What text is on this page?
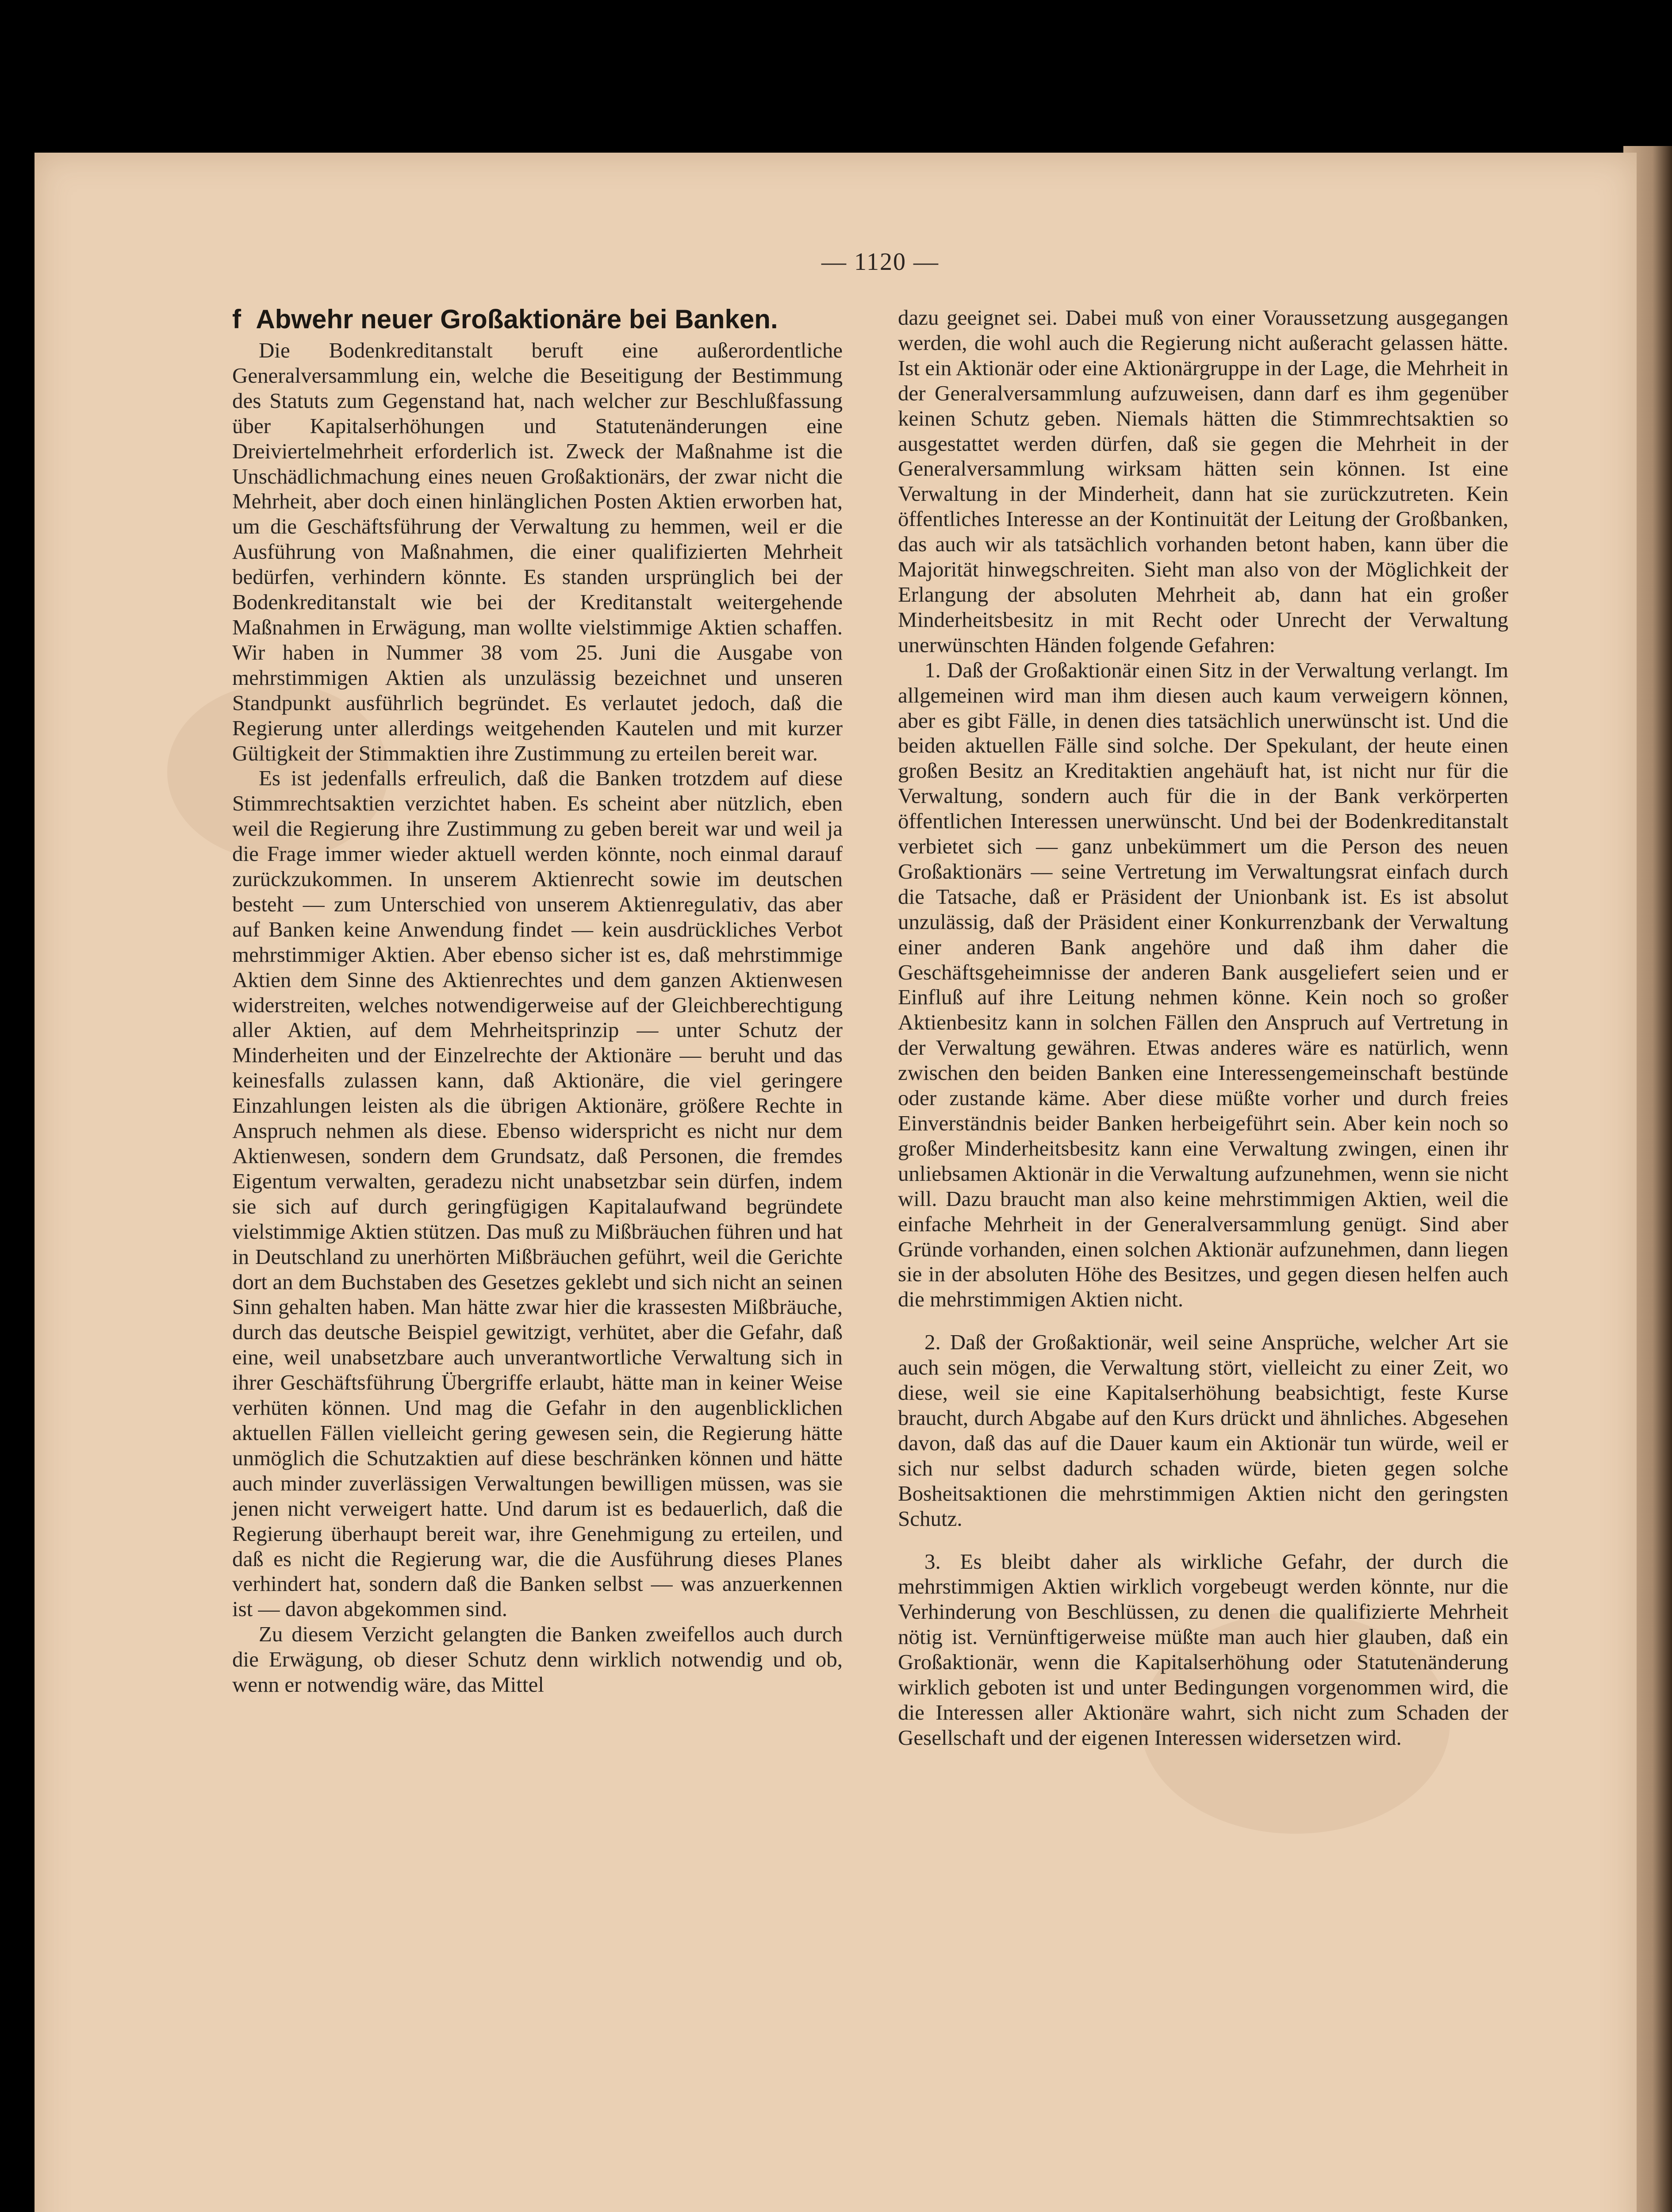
— 1120 —
f Abwehr neuer Großaktionäre bei Banken.

Die Bodenkreditanstalt beruft eine außerordentliche Generalversammlung ein, welche die Beseitigung der Bestimmung des Statuts zum Gegenstand hat, nach welcher zur Beschlußfassung über Kapitalserhöhungen und Statutenänderungen eine Dreiviertelmehrheit erforderlich ist. Zweck der Maßnahme ist die Unschädlichmachung eines neuen Großaktionärs, der zwar nicht die Mehrheit, aber doch einen hinlänglichen Posten Aktien erworben hat, um die Geschäftsführung der Verwaltung zu hemmen, weil er die Ausführung von Maßnahmen, die einer qualifizierten Mehrheit bedürfen, verhindern könnte. Es standen ursprünglich bei der Bodenkreditanstalt wie bei der Kreditanstalt weitergehende Maßnahmen in Erwägung, man wollte vielstimmige Aktien schaffen. Wir haben in Nummer 38 vom 25. Juni die Ausgabe von mehrstimmigen Aktien als unzulässig bezeichnet und unseren Standpunkt ausführlich begründet. Es verlautet jedoch, daß die Regierung unter allerdings weitgehenden Kautelen und mit kurzer Gültigkeit der Stimmaktien ihre Zustimmung zu erteilen bereit war.

Es ist jedenfalls erfreulich, daß die Banken trotzdem auf diese Stimmrechtsaktien verzichtet haben. Es scheint aber nützlich, eben weil die Regierung ihre Zustimmung zu geben bereit war und weil ja die Frage immer wieder aktuell werden könnte, noch einmal darauf zurückzukommen. In unserem Aktienrecht sowie im deutschen besteht — zum Unterschied von unserem Aktienregulativ, das aber auf Banken keine Anwendung findet — kein ausdrückliches Verbot mehrstimmiger Aktien. Aber ebenso sicher ist es, daß mehrstimmige Aktien dem Sinne des Aktienrechtes und dem ganzen Aktienwesen widerstreiten, welches notwendigerweise auf der Gleichberechtigung aller Aktien, auf dem Mehrheitsprinzip — unter Schutz der Minderheiten und der Einzelrechte der Aktionäre — beruht und das keinesfalls zulassen kann, daß Aktionäre, die viel geringere Einzahlungen leisten als die übrigen Aktionäre, größere Rechte in Anspruch nehmen als diese. Ebenso widerspricht es nicht nur dem Aktienwesen, sondern dem Grundsatz, daß Personen, die fremdes Eigentum verwalten, geradezu nicht unabsetzbar sein dürfen, indem sie sich auf durch geringfügigen Kapitalaufwand begründete vielstimmige Aktien stützen. Das muß zu Mißbräuchen führen und hat in Deutschland zu unerhörten Mißbräuchen geführt, weil die Gerichte dort an dem Buchstaben des Gesetzes geklebt und sich nicht an seinen Sinn gehalten haben. Man hätte zwar hier die krassesten Mißbräuche, durch das deutsche Beispiel gewitzigt, verhütet, aber die Gefahr, daß eine, weil unabsetzbare auch unverantwortliche Verwaltung sich in ihrer Geschäftsführung Übergriffe erlaubt, hätte man in keiner Weise verhüten können. Und mag die Gefahr in den augenblicklichen aktuellen Fällen vielleicht gering gewesen sein, die Regierung hätte unmöglich die Schutzaktien auf diese beschränken können und hätte auch minder zuverlässigen Verwaltungen bewilligen müssen, was sie jenen nicht verweigert hatte. Und darum ist es bedauerlich, daß die Regierung überhaupt bereit war, ihre Genehmigung zu erteilen, und daß es nicht die Regierung war, die die Ausführung dieses Planes verhindert hat, sondern daß die Banken selbst — was anzuerkennen ist — davon abgekommen sind.

Zu diesem Verzicht gelangten die Banken zweifellos auch durch die Erwägung, ob dieser Schutz denn wirklich notwendig und ob, wenn er notwendig wäre, das Mittel

dazu geeignet sei. Dabei muß von einer Voraussetzung ausgegangen werden, die wohl auch die Regierung nicht außeracht gelassen hätte. Ist ein Aktionär oder eine Aktionärgruppe in der Lage, die Mehrheit in der Generalversammlung aufzuweisen, dann darf es ihm gegenüber keinen Schutz geben. Niemals hätten die Stimmrechtsaktien so ausgestattet werden dürfen, daß sie gegen die Mehrheit in der Generalversammlung wirksam hätten sein können. Ist eine Verwaltung in der Minderheit, dann hat sie zurückzutreten. Kein öffentliches Interesse an der Kontinuität der Leitung der Großbanken, das auch wir als tatsächlich vorhanden betont haben, kann über die Majorität hinwegschreiten. Sieht man also von der Möglichkeit der Erlangung der absoluten Mehrheit ab, dann hat ein großer Minderheitsbesitz in mit Recht oder Unrecht der Verwaltung unerwünschten Händen folgende Gefahren:

1. Daß der Großaktionär einen Sitz in der Verwaltung verlangt. Im allgemeinen wird man ihm diesen auch kaum verweigern können, aber es gibt Fälle, in denen dies tatsächlich unerwünscht ist. Und die beiden aktuellen Fälle sind solche. Der Spekulant, der heute einen großen Besitz an Kreditaktien angehäuft hat, ist nicht nur für die Verwaltung, sondern auch für die in der Bank verkörperten öffentlichen Interessen unerwünscht. Und bei der Bodenkreditanstalt verbietet sich — ganz unbekümmert um die Person des neuen Großaktionärs — seine Vertretung im Verwaltungsrat einfach durch die Tatsache, daß er Präsident der Unionbank ist. Es ist absolut unzulässig, daß der Präsident einer Konkurrenzbank der Verwaltung einer anderen Bank angehöre und daß ihm daher die Geschäftsgeheimnisse der anderen Bank ausgeliefert seien und er Einfluß auf ihre Leitung nehmen könne. Kein noch so großer Aktienbesitz kann in solchen Fällen den Anspruch auf Vertretung in der Verwaltung gewähren. Etwas anderes wäre es natürlich, wenn zwischen den beiden Banken eine Interessengemeinschaft bestünde oder zustande käme. Aber diese müßte vorher und durch freies Einverständnis beider Banken herbeigeführt sein. Aber kein noch so großer Minderheitsbesitz kann eine Verwaltung zwingen, einen ihr unliebsamen Aktionär in die Verwaltung aufzunehmen, wenn sie nicht will. Dazu braucht man also keine mehrstimmigen Aktien, weil die einfache Mehrheit in der Generalversammlung genügt. Sind aber Gründe vorhanden, einen solchen Aktionär aufzunehmen, dann liegen sie in der absoluten Höhe des Besitzes, und gegen diesen helfen auch die mehrstimmigen Aktien nicht.

2. Daß der Großaktionär, weil seine Ansprüche, welcher Art sie auch sein mögen, die Verwaltung stört, vielleicht zu einer Zeit, wo diese, weil sie eine Kapitalserhöhung beabsichtigt, feste Kurse braucht, durch Abgabe auf den Kurs drückt und ähnliches. Abgesehen davon, daß das auf die Dauer kaum ein Aktionär tun würde, weil er sich nur selbst dadurch schaden würde, bieten gegen solche Bosheitsaktionen die mehrstimmigen Aktien nicht den geringsten Schutz.

3. Es bleibt daher als wirkliche Gefahr, der durch die mehrstimmigen Aktien wirklich vorgebeugt werden könnte, nur die Verhinderung von Beschlüssen, zu denen die qualifizierte Mehrheit nötig ist. Vernünftigerweise müßte man auch hier glauben, daß ein Großaktionär, wenn die Kapitalserhöhung oder Statutenänderung wirklich geboten ist und unter Bedingungen vorgenommen wird, die die Interessen aller Aktionäre wahrt, sich nicht zum Schaden der Gesellschaft und der eigenen Interessen widersetzen wird.
